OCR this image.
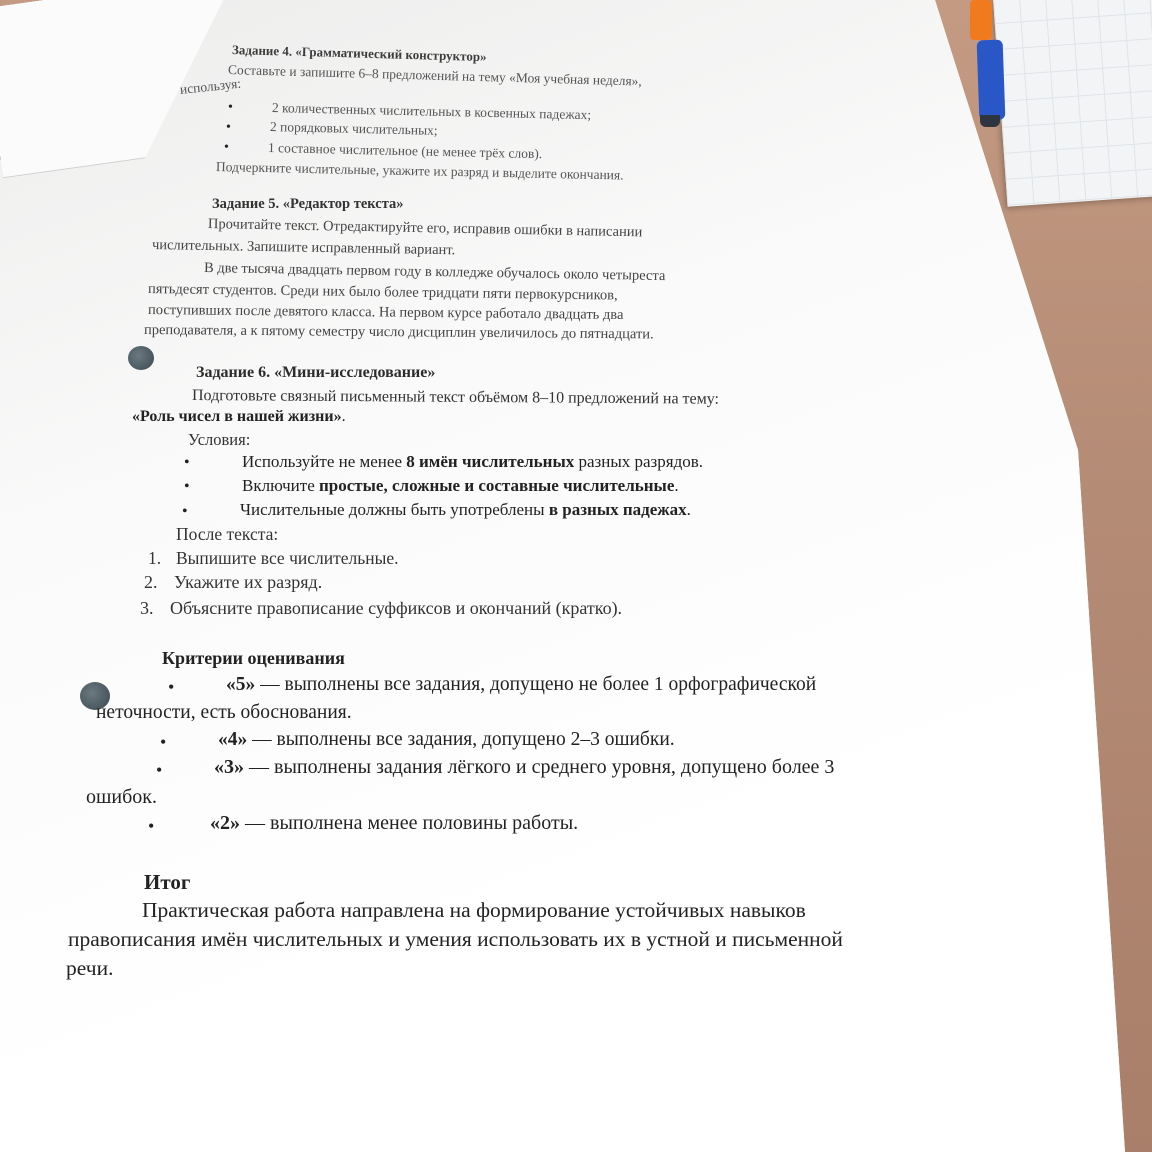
Задание 4. «Грамматический конструктор»
Составьте и запишите 6–8 предложений на тему «Моя учебная неделя»,
используя:
•	2 количественных числительных в косвенных падежах;
•	2 порядковых числительных;
•	1 составное числительное (не менее трёх слов).
Подчеркните числительные, укажите их разряд и выделите окончания.
Задание 5. «Редактор текста»
Прочитайте текст. Отредактируйте его, исправив ошибки в написании
числительных. Запишите исправленный вариант.
В две тысяча двадцать первом году в колледже обучалось около четыреста
пятьдесят студентов. Среди них было более тридцати пяти первокурсников,
поступивших после девятого класса. На первом курсе работало двадцать два
преподавателя, а к пятому семестру число дисциплин увеличилось до пятнадцати.
Задание 6. «Мини-исследование»
Подготовьте связный письменный текст объёмом 8–10 предложений на тему:
«Роль чисел в нашей жизни».
Условия:
•	Используйте не менее 8 имён числительных разных разрядов.
•	Включите простые, сложные и составные числительные.
•	Числительные должны быть употреблены в разных падежах.
После текста:
1. Выпишите все числительные.
2. Укажите их разряд.
3. Объясните правописание суффиксов и окончаний (кратко).
Критерии оценивания
•	«5» — выполнены все задания, допущено не более 1 орфографической
неточности, есть обоснования.
•	«4» — выполнены все задания, допущено 2–3 ошибки.
•	«3» — выполнены задания лёгкого и среднего уровня, допущено более 3
ошибок.
•	«2» — выполнена менее половины работы.
Итог
Практическая работа направлена на формирование устойчивых навыков
правописания имён числительных и умения использовать их в устной и письменной
речи.
